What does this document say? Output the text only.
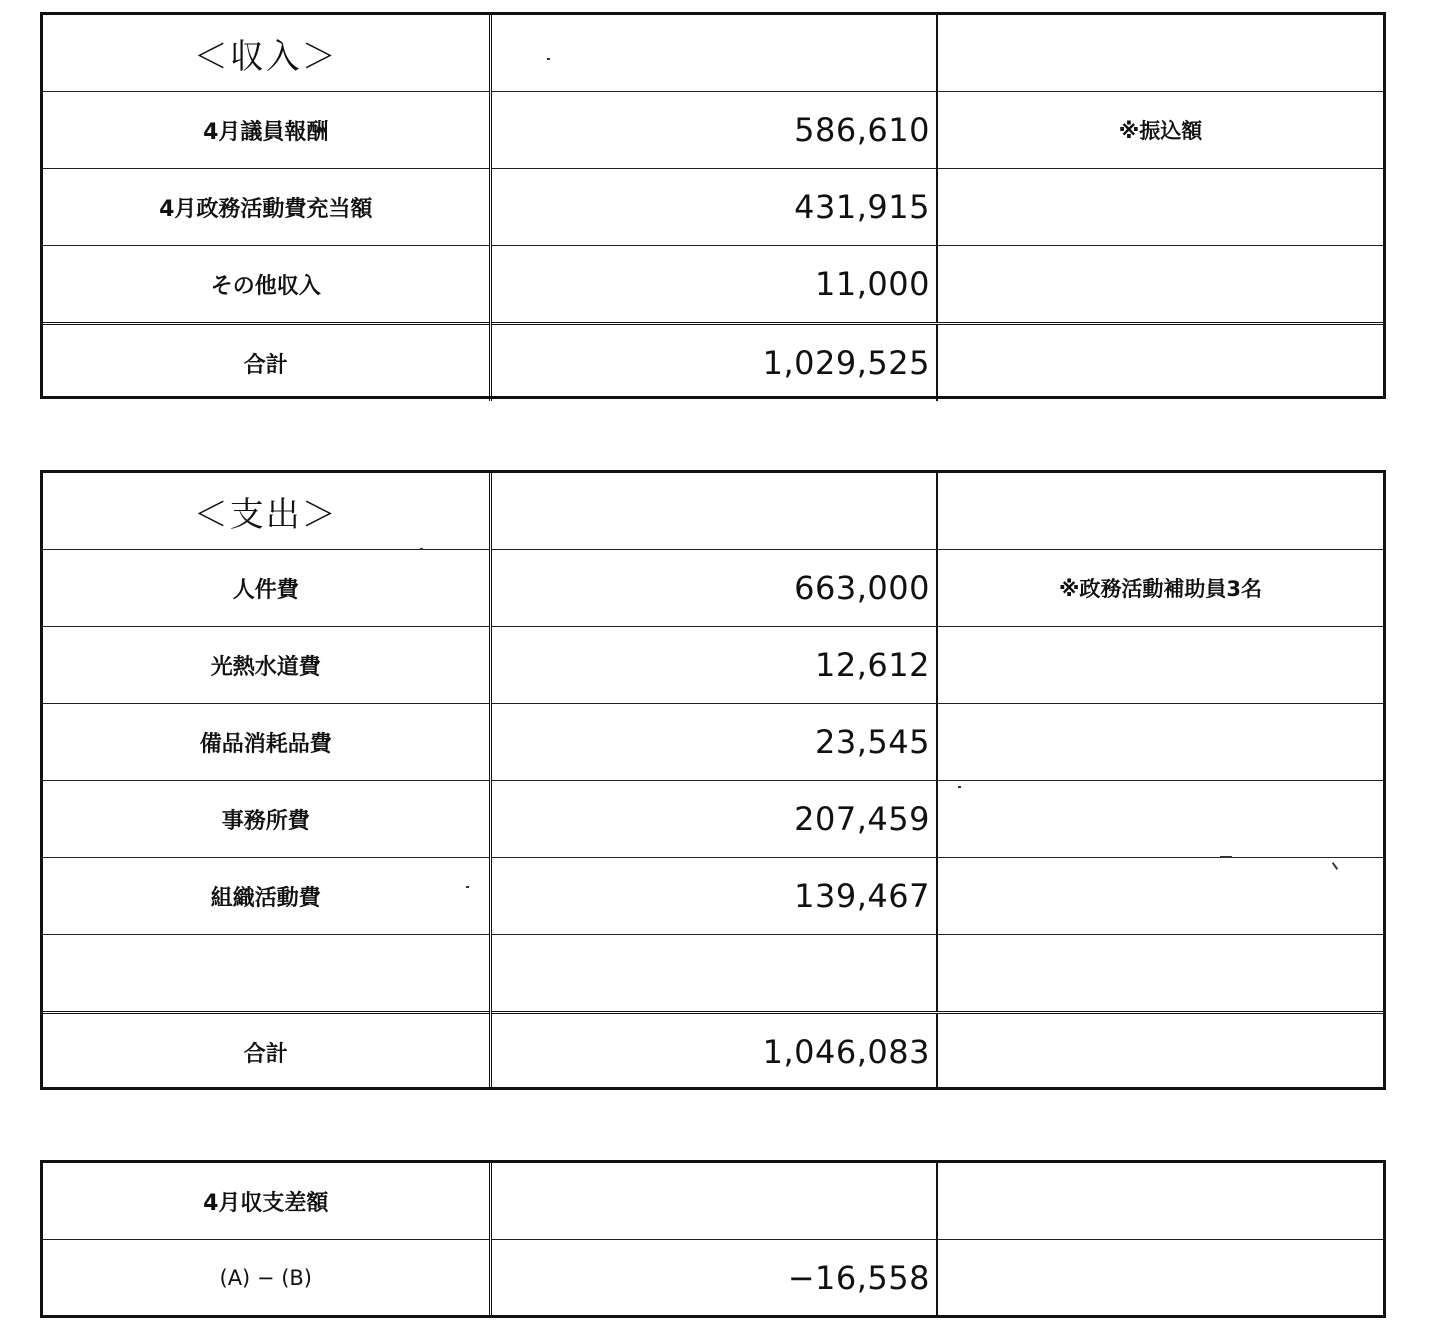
＜収入＞		
4月議員報酬	586,610	※振込額
4月政務活動費充当額	431,915	
その他収入	11,000	
合計	1,029,525	
＜支出＞		
人件費	663,000	※政務活動補助員3名
光熱水道費	12,612	
備品消耗品費	23,545	
事務所費	207,459	
組織活動費	139,467	

合計	1,046,083	
4月収支差額		
(A) − (B)	−16,558	
